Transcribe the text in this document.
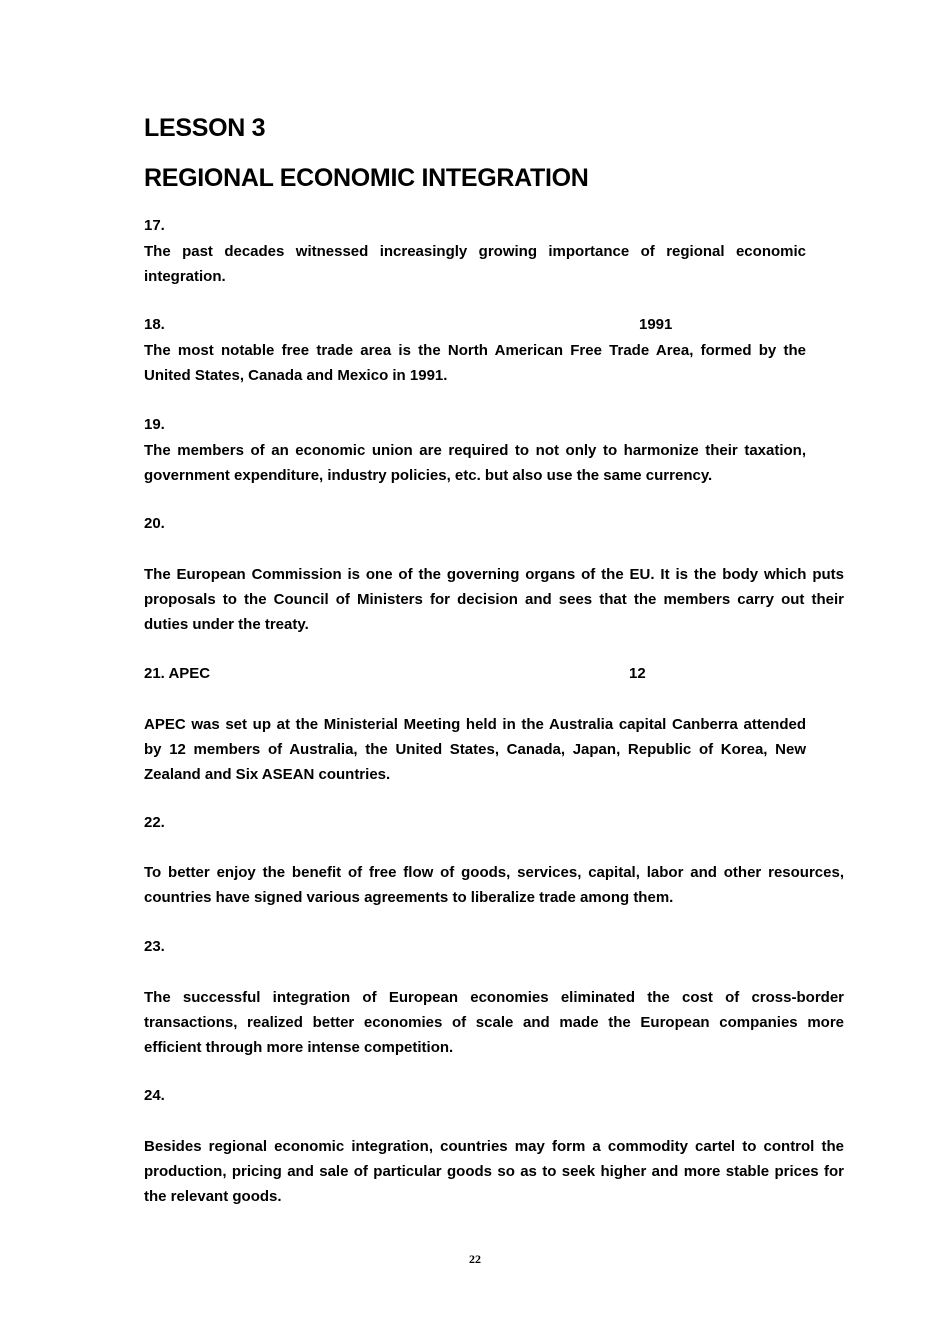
LESSON 3
REGIONAL ECONOMIC INTEGRATION
17.
The past decades witnessed increasingly growing importance of regional economic integration.
18.	1991
The most notable free trade area is the North American Free Trade Area, formed by the United States, Canada and Mexico in 1991.
19.
The members of an economic union are required to not only to harmonize their taxation, government expenditure, industry policies, etc. but also use the same currency.
20.
The European Commission is one of the governing organs of the EU. It is the body which puts proposals to the Council of Ministers for decision and sees that the members carry out their duties under the treaty.
21. APEC	12
APEC was set up at the Ministerial Meeting held in the Australia capital Canberra attended by 12 members of Australia, the United States, Canada, Japan, Republic of Korea, New Zealand and Six ASEAN countries.
22.
To better enjoy the benefit of free flow of goods, services, capital, labor and other resources, countries have signed various agreements to liberalize trade among them.
23.
The successful integration of European economies eliminated the cost of cross-border transactions, realized better economies of scale and made the European companies more efficient through more intense competition.
24.
Besides regional economic integration, countries may form a commodity cartel to control the production, pricing and sale of particular goods so as to seek higher and more stable prices for the relevant goods.
22
